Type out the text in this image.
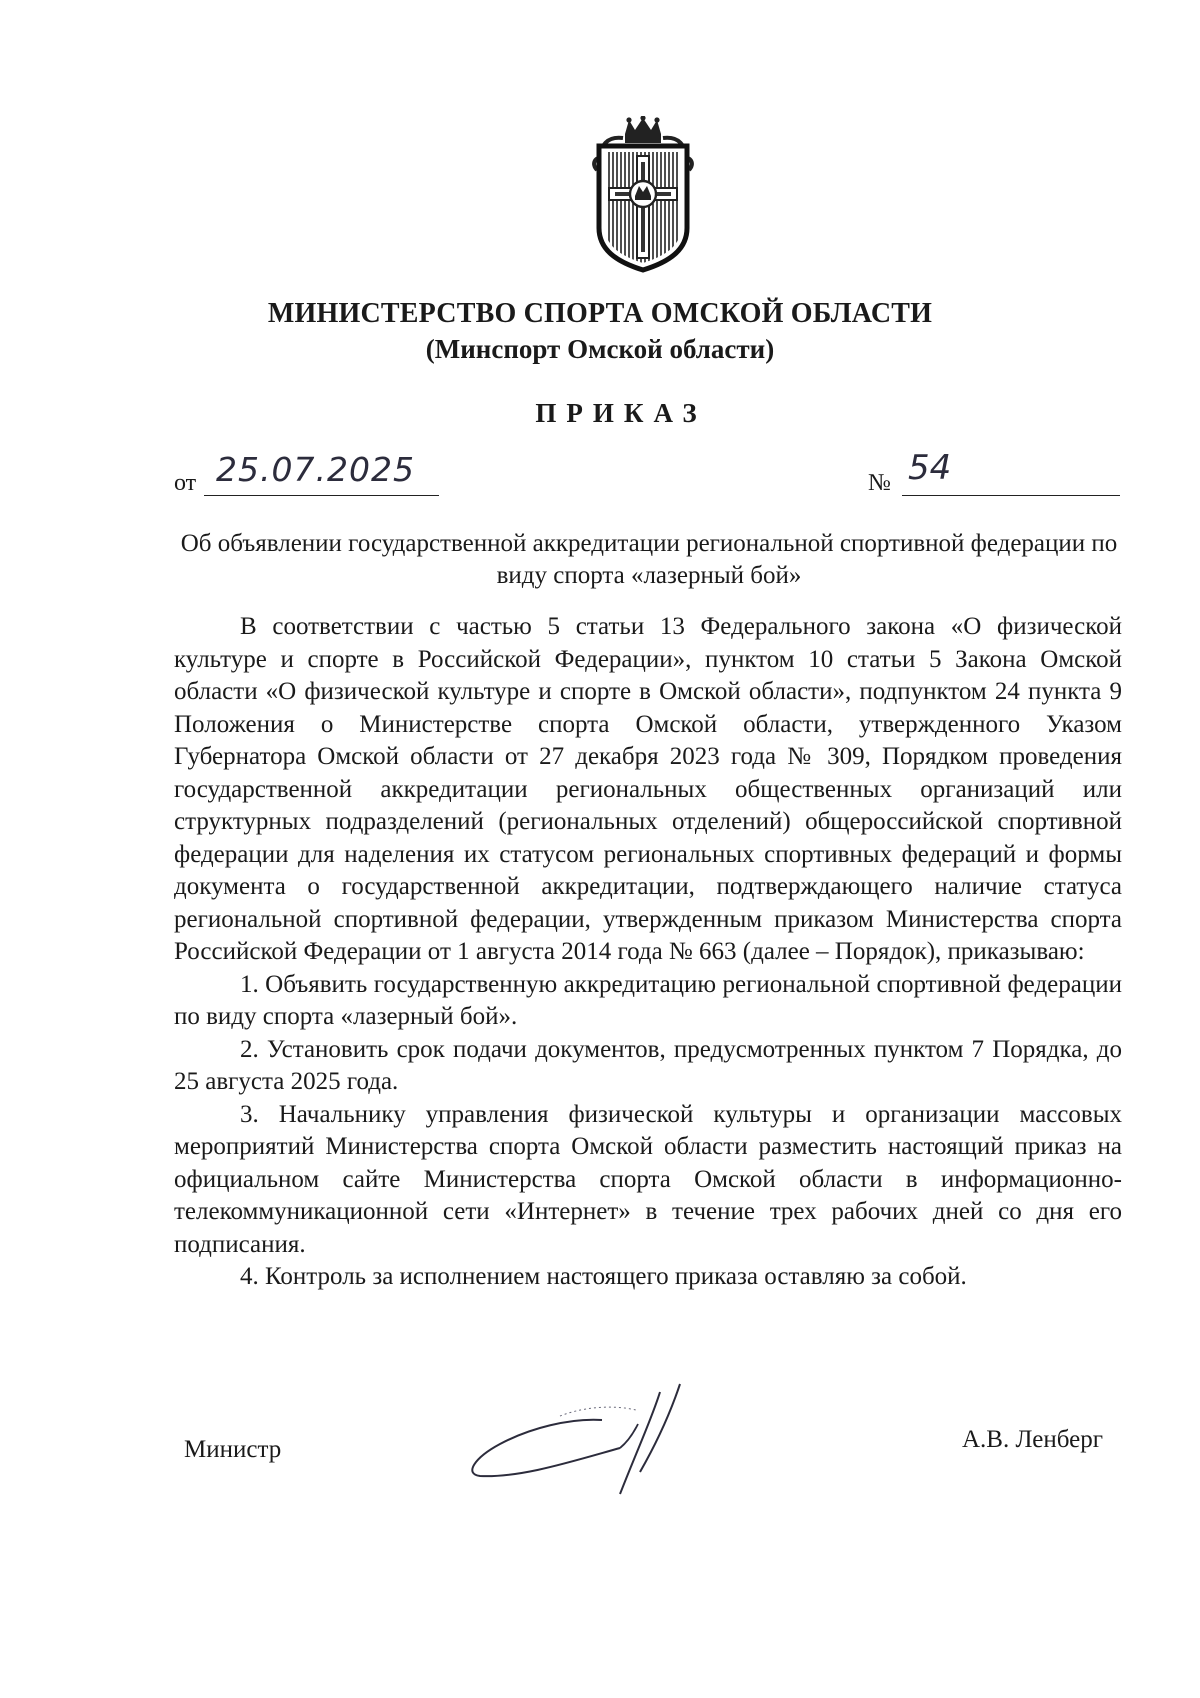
МИНИСТЕРСТВО СПОРТА ОМСКОЙ ОБЛАСТИ
(Минспорт Омской области)
ПРИКАЗ
от 25.07.2025	№ 54
Об объявлении государственной аккредитации региональной спортивной федерации по виду спорта «лазерный бой»

В соответствии с частью 5 статьи 13 Федерального закона «О физической культуре и спорте в Российской Федерации», пунктом 10 статьи 5 Закона Омской области «О физической культуре и спорте в Омской области», подпунктом 24 пункта 9 Положения о Министерстве спорта Омской области, утвержденного Указом Губернатора Омской области от 27 декабря 2023 года № 309, Порядком проведения государственной аккредитации региональных общественных организаций или структурных подразделений (региональных отделений) общероссийской спортивной федерации для наделения их статусом региональных спортивных федераций и формы документа о государственной аккредитации, подтверждающего наличие статуса региональной спортивной федерации, утвержденным приказом Министерства спорта Российской Федерации от 1 августа 2014 года № 663 (далее – Порядок), приказываю:

1. Объявить государственную аккредитацию региональной спортивной федерации по виду спорта «лазерный бой».

2. Установить срок подачи документов, предусмотренных пунктом 7 Порядка, до 25 августа 2025 года.

3. Начальнику управления физической культуры и организации массовых мероприятий Министерства спорта Омской области разместить настоящий приказ на официальном сайте Министерства спорта Омской области в информационно-телекоммуникационной сети «Интернет» в течение трех рабочих дней со дня его подписания.

4. Контроль за исполнением настоящего приказа оставляю за собой.

Министр	А.В. Ленберг
